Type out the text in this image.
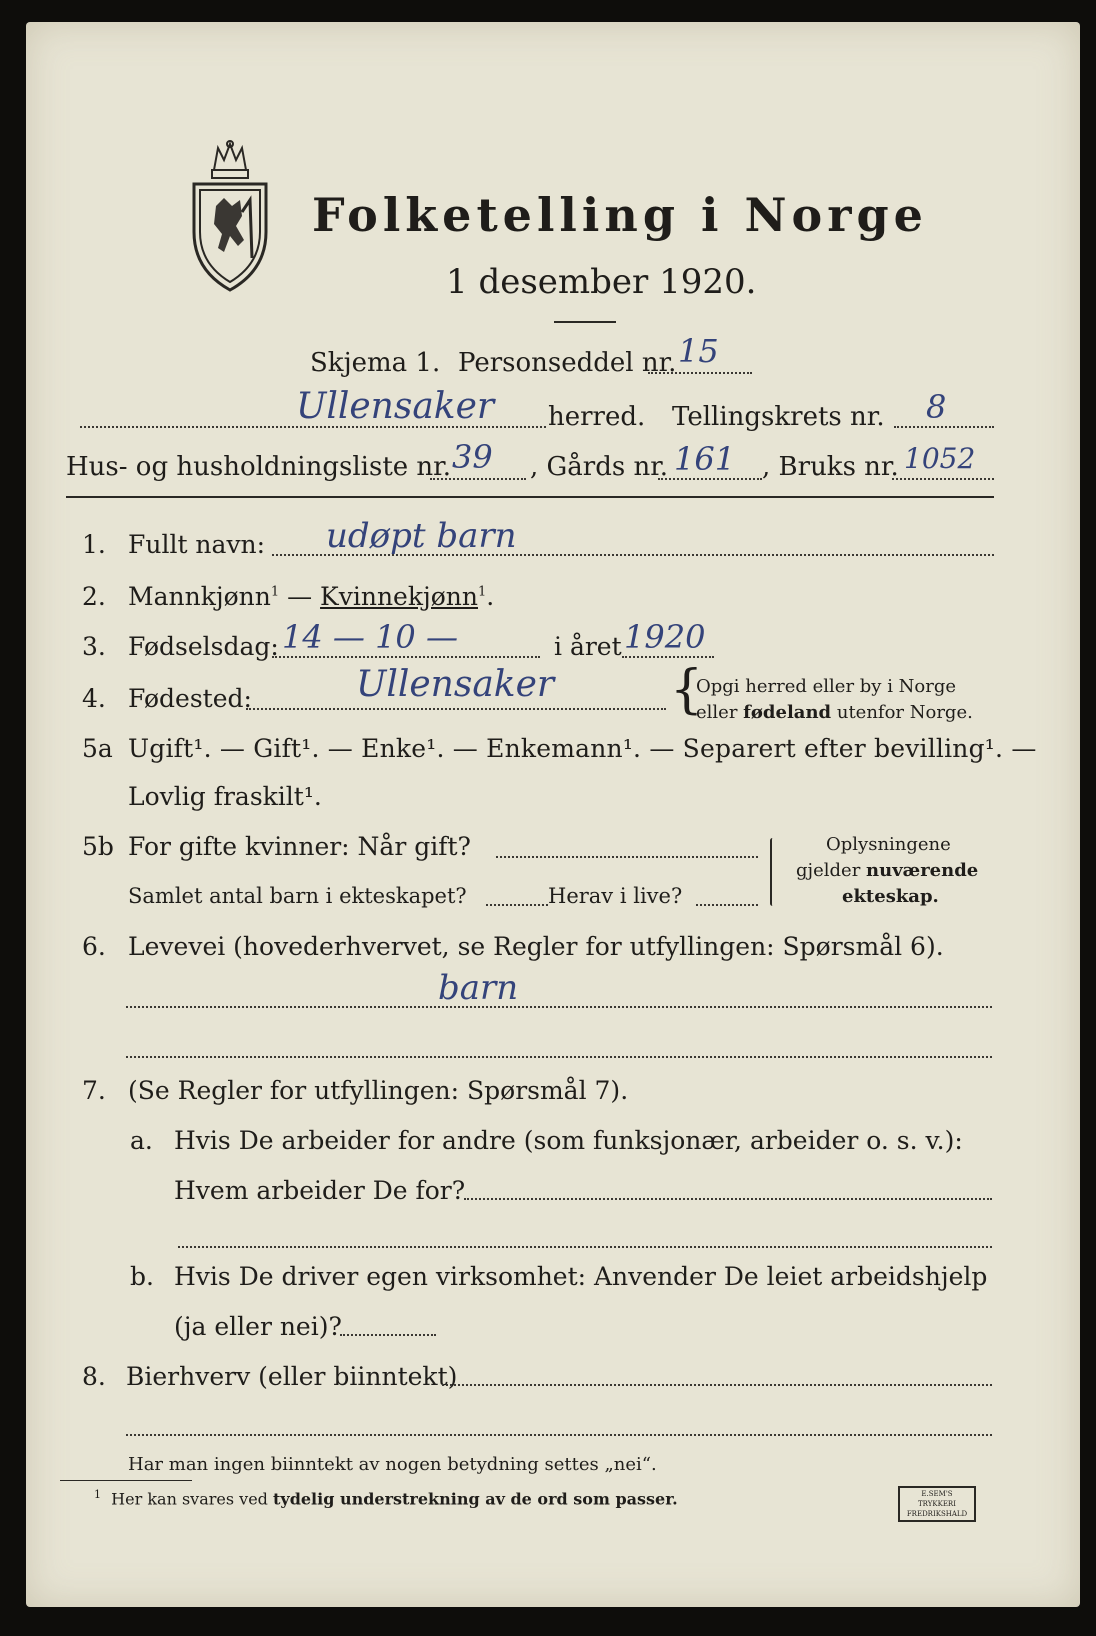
Folketelling i Norge
1 desember 1920.
Skjema 1. Personseddel nr. 15
Ullensaker herred. Tellingskrets nr. 8
Hus- og husholdningsliste nr. 39 , Gårds nr. 161 , Bruks nr. 1052
1. Fullt navn: udøpt barn
2. Mannkjønn$^1$ — Kvinnekjønn$^1$.
3. Fødselsdag: 14 — 10 —	i året 1920
4. Fødested:	Ullensaker {
Opgi herred eller by i Norge
eller fødeland utenfor Norge.
5a Ugift¹. — Gift¹. — Enke¹. — Enkemann¹. — Separert efter bevilling¹. —
Lovlig fraskilt¹.
5b For gifte kvinner: Når gift?
Samlet antal barn i ekteskapet?	Herav i live?
Oplysningene
gjelder nuværende
ekteskap.
6. Levevei (hovederhvervet, se Regler for utfyllingen: Spørsmål 6).
barn
7. (Se Regler for utfyllingen: Spørsmål 7).
a. Hvis De arbeider for andre (som funksjonær, arbeider o. s. v.):
Hvem arbeider De for?
b. Hvis De driver egen virksomhet: Anvender De leiet arbeidshjelp
(ja eller nei)?
8. Bierhverv (eller biinntekt)
Har man ingen biinntekt av nogen betydning settes „nei“.
$^1$ Her kan svares ved tydelig understrekning av de ord som passer.	E.SEM'S TRYKKERI
FREDRIKSHALD
